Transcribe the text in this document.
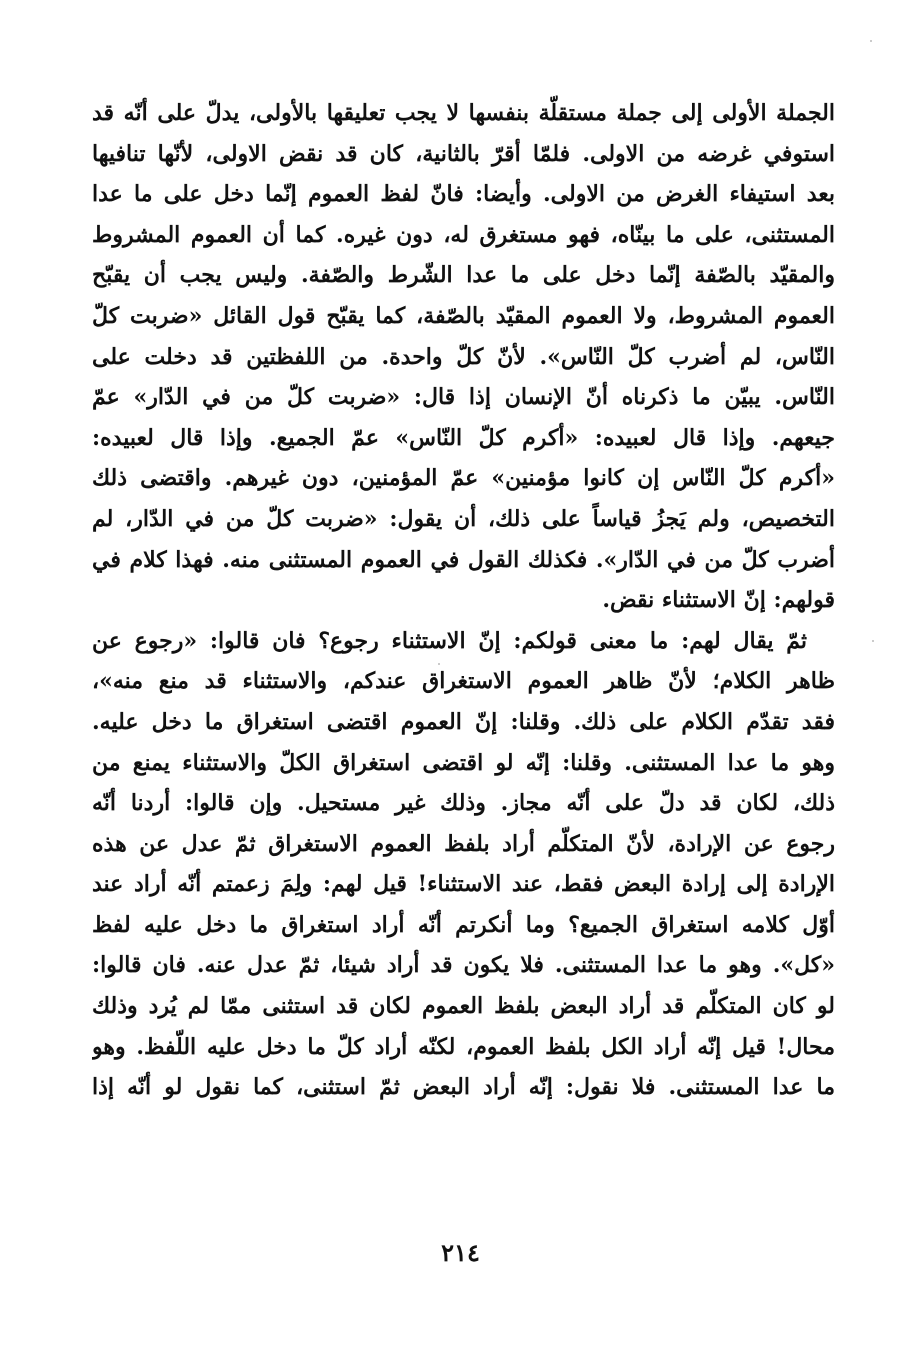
الجملة الأولى إلى جملة مستقلّة بنفسها لا يجب تعليقها بالأولى، يدلّ على أنّه قد
استوفي غرضه من الاولى. فلمّا أقرّ بالثانية، كان قد نقض الاولى، لأنّها تنافيها
بعد استيفاء الغرض من الاولى. وأيضا: فانّ لفظ العموم إنّما دخل على ما عدا
المستثنى، على ما بينّاه، فهو مستغرق له، دون غيره. كما أن العموم المشروط
والمقيّد بالصّفة إنّما دخل على ما عدا الشّرط والصّفة. وليس يجب أن يقبّح
العموم المشروط، ولا العموم المقيّد بالصّفة، كما يقبّح قول القائل «ضربت كلّ
النّاس، لم أضرب كلّ النّاس». لأنّ كلّ واحدة. من اللفظتين قد دخلت على
النّاس. يبيّن ما ذكرناه أنّ الإنسان إذا قال: «ضربت كلّ من في الدّار» عمّ
جيعهم. وإذا قال لعبيده: «أكرم كلّ النّاس» عمّ الجميع. وإذا قال لعبيده:
«أكرم كلّ النّاس إن كانوا مؤمنين» عمّ المؤمنين، دون غيرهم. واقتضى ذلك
التخصيص، ولم يَجزُ قياساً على ذلك، أن يقول: «ضربت كلّ من في الدّار، لم
أضرب كلّ من في الدّار». فكذلك القول في العموم المستثنى منه. فهذا كلام في
قولهم: إنّ الاستثناء نقض.
ثمّ يقال لهم: ما معنى قولكم: إنّ الاستثناء رجوع؟ فان قالوا: «رجوع عن
ظاهر الكلام؛ لأنّ ظاهر العموم الاستغراق عندكم، والاستثناء قد منع منه»،
فقد تقدّم الكلام على ذلك. وقلنا: إنّ العموم اقتضى استغراق ما دخل عليه.
وهو ما عدا المستثنى. وقلنا: إنّه لو اقتضى استغراق الكلّ والاستثناء يمنع من
ذلك، لكان قد دلّ على أنّه مجاز. وذلك غير مستحيل. وإن قالوا: أردنا أنّه
رجوع عن الإرادة، لأنّ المتكلّم أراد بلفظ العموم الاستغراق ثمّ عدل عن هذه
الإرادة إلى إرادة البعض فقط، عند الاستثناء! قيل لهم: ولِمَ زعمتم أنّه أراد عند
أوّل كلامه استغراق الجميع؟ وما أنكرتم أنّه أراد استغراق ما دخل عليه لفظ
«كل». وهو ما عدا المستثنى. فلا يكون قد أراد شيئا، ثمّ عدل عنه. فان قالوا:
لو كان المتكلّم قد أراد البعض بلفظ العموم لكان قد استثنى ممّا لم يُرد وذلك
محال! قيل إنّه أراد الكل بلفظ العموم، لكنّه أراد كلّ ما دخل عليه اللّفظ. وهو
ما عدا المستثنى. فلا نقول: إنّه أراد البعض ثمّ استثنى، كما نقول لو أنّه إذا
٢١٤
